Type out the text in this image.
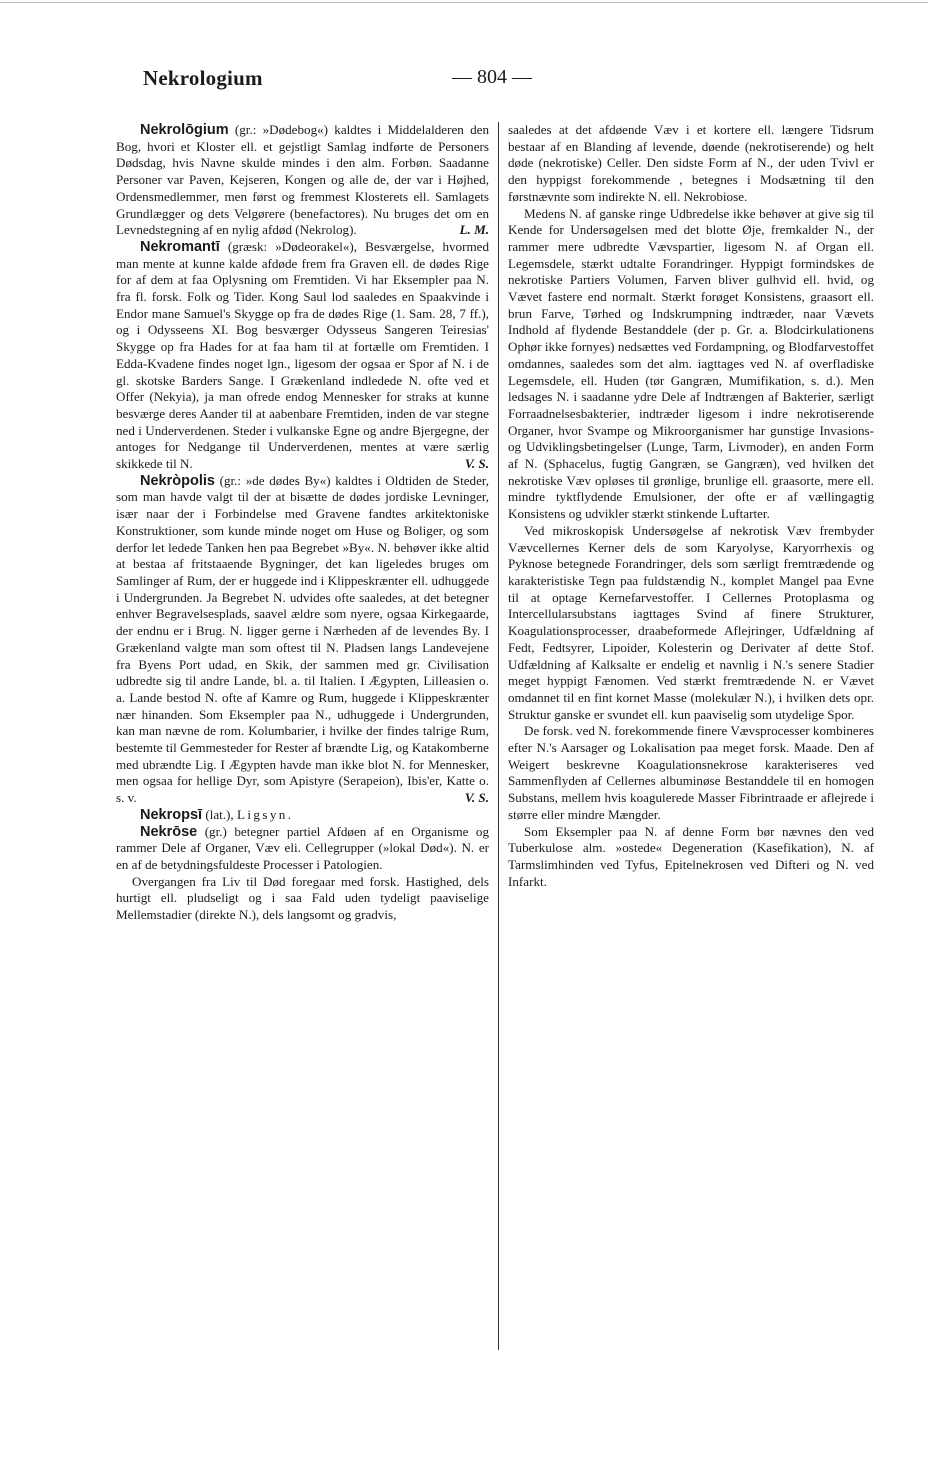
Nekrologium	— 804 —

Nekrolōgium (gr.: »Dødebog«) kaldtes i Middelalderen den Bog, hvori et Kloster ell. et gejstligt Samlag indførte de Personers Dødsdag, hvis Navne skulde mindes i den alm. Forbøn. Saadanne Personer var Paven, Kejseren, Kongen og alle de, der var i Højhed, Ordensmedlemmer, men først og fremmest Klosterets ell. Samlagets Grundlægger og dets Velgørere (benefactores). Nu bruges det om en Levnedstegning af en nylig afdød (Nekrolog).	L. M.

Nekromantī (græsk: »Dødeorakel«), Besværgelse, hvormed man mente at kunne kalde afdøde frem fra Graven ell. de dødes Rige for af dem at faa Oplysning om Fremtiden. Vi har Eksempler paa N. fra fl. forsk. Folk og Tider. Kong Saul lod saaledes en Spaakvinde i Endor mane Samuel's Skygge op fra de dødes Rige (1. Sam. 28, 7 ff.), og i Odysseens XI. Bog besværger Odysseus Sangeren Teiresias' Skygge op fra Hades for at faa ham til at fortælle om Fremtiden. I Edda-Kvadene findes noget lgn., ligesom der ogsaa er Spor af N. i de gl. skotske Barders Sange. I Grækenland indledede N. ofte ved et Offer (Nekyia), ja man ofrede endog Mennesker for straks at kunne besværge deres Aander til at aabenbare Fremtiden, inden de var stegne ned i Underverdenen. Steder i vulkanske Egne og andre Bjergegne, der antoges for Nedgange til Underverdenen, mentes at være særlig skikkede til N.	V. S.

Nekròpolis (gr.: »de dødes By«) kaldtes i Oldtiden de Steder, som man havde valgt til der at bisætte de dødes jordiske Levninger, især naar der i Forbindelse med Gravene fandtes arkitektoniske Konstruktioner, som kunde minde noget om Huse og Boliger, og som derfor let ledede Tanken hen paa Begrebet »By«. N. behøver ikke altid at bestaa af fritstaaende Bygninger, det kan ligeledes bruges om Samlinger af Rum, der er huggede ind i Klippeskrænter ell. udhuggede i Undergrunden. Ja Begrebet N. udvides ofte saaledes, at det betegner enhver Begravelsesplads, saavel ældre som nyere, ogsaa Kirkegaarde, der endnu er i Brug. N. ligger gerne i Nærheden af de levendes By. I Grækenland valgte man som oftest til N. Pladsen langs Landevejene fra Byens Port udad, en Skik, der sammen med gr. Civilisation udbredte sig til andre Lande, bl. a. til Italien. I Ægypten, Lilleasien o. a. Lande bestod N. ofte af Kamre og Rum, huggede i Klippeskrænter nær hinanden. Som Eksempler paa N., udhuggede i Undergrunden, kan man nævne de rom. Kolumbarier, i hvilke der findes talrige Rum, bestemte til Gemmesteder for Rester af brændte Lig, og Katakomberne med ubrændte Lig. I Ægypten havde man ikke blot N. for Mennesker, men ogsaa for hellige Dyr, som Apistyre (Serapeion), Ibis'er, Katte o. s. v.	V. S.

Nekropsī (lat.), Ligsyn.

Nekrōse (gr.) betegner partiel Afdøen af en Organisme og rammer Dele af Organer, Væv eli. Cellegrupper (»lokal Død«). N. er en af de betydningsfuldeste Processer i Patologien.

Overgangen fra Liv til Død foregaar med forsk. Hastighed, dels hurtigt ell. pludseligt og i saa Fald uden tydeligt paaviselige Mellemstadier (direkte N.), dels langsomt og gradvis,

saaledes at det afdøende Væv i et kortere ell. længere Tidsrum bestaar af en Blanding af levende, døende (nekrotiserende) og helt døde (nekrotiske) Celler. Den sidste Form af N., der uden Tvivl er den hyppigst forekommende , betegnes i Modsætning til den førstnævnte som indirekte N. ell. Nekrobiose.

Medens N. af ganske ringe Udbredelse ikke behøver at give sig til Kende for Undersøgelsen med det blotte Øje, fremkalder N., der rammer mere udbredte Vævspartier, ligesom N. af Organ ell. Legemsdele, stærkt udtalte Forandringer. Hyppigt formindskes de nekrotiske Partiers Volumen, Farven bliver gulhvid ell. hvid, og Vævet fastere end normalt. Stærkt forøget Konsistens, graasort ell. brun Farve, Tørhed og Indskrumpning indtræder, naar Vævets Indhold af flydende Bestanddele (der p. Gr. a. Blodcirkulationens Ophør ikke fornyes) nedsættes ved Fordampning, og Blodfarvestoffet omdannes, saaledes som det alm. iagttages ved N. af overfladiske Legemsdele, ell. Huden (tør Gangræn, Mumifikation, s. d.). Men ledsages N. i saadanne ydre Dele af Indtrængen af Bakterier, særligt Forraadnelsesbakterier, indtræder ligesom i indre nekrotiserende Organer, hvor Svampe og Mikroorganismer har gunstige Invasions- og Udviklingsbetingelser (Lunge, Tarm, Livmoder), en anden Form af N. (Sphacelus, fugtig Gangræn, se Gangræn), ved hvilken det nekrotiske Væv opløses til grønlige, brunlige ell. graasorte, mere ell. mindre tyktflydende Emulsioner, der ofte er af vællingagtig Konsistens og udvikler stærkt stinkende Luftarter.

Ved mikroskopisk Undersøgelse af nekrotisk Væv frembyder Vævcellernes Kerner dels de som Karyolyse, Karyorrhexis og Pyknose betegnede Forandringer, dels som særligt fremtrædende og karakteristiske Tegn paa fuldstændig N., komplet Mangel paa Evne til at optage Kernefarvestoffer. I Cellernes Protoplasma og Intercellularsubstans iagttages Svind af finere Strukturer, Koagulationsprocesser, draabeformede Aflejringer, Udfældning af Fedt, Fedtsyrer, Lipoider, Kolesterin og Derivater af dette Stof. Udfældning af Kalksalte er endelig et navnlig i N.'s senere Stadier meget hyppigt Fænomen. Ved stærkt fremtrædende N. er Vævet omdannet til en fint kornet Masse (molekulær N.), i hvilken dets opr. Struktur ganske er svundet ell. kun paaviselig som utydelige Spor.

De forsk. ved N. forekommende finere Vævsprocesser kombineres efter N.'s Aarsager og Lokalisation paa meget forsk. Maade. Den af Weigert beskrevne Koagulationsnekrose karakteriseres ved Sammenflyden af Cellernes albuminøse Bestanddele til en homogen Substans, mellem hvis koagulerede Masser Fibrintraade er aflejrede i større eller mindre Mængder.

Som Eksempler paa N. af denne Form bør nævnes den ved Tuberkulose alm. »ostede« Degeneration (Kasefikation), N. af Tarmslimhinden ved Tyfus, Epitelnekrosen ved Difteri og N. ved Infarkt.
